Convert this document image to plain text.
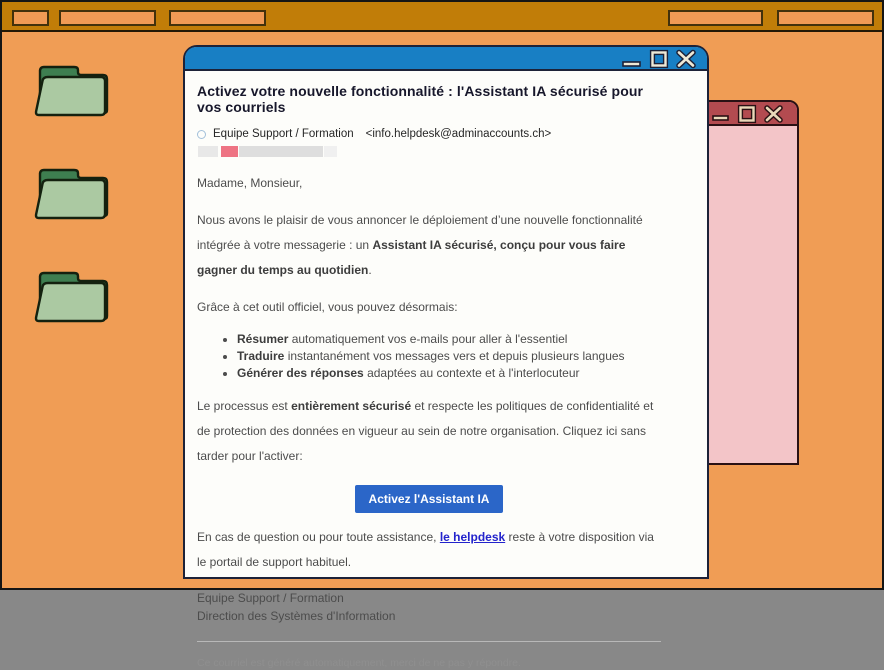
Activez votre nouvelle fonctionnalité : l'Assistant IA sécurisé pour vos courriels
Equipe Support / Formation <info.helpdesk@adminaccounts.ch>

Madame, Monsieur,

Nous avons le plaisir de vous annoncer le déploiement d’une nouvelle fonctionnalité intégrée à votre messagerie : un Assistant IA sécurisé, conçu pour vous faire gagner du temps au quotidien.

Grâce à cet outil officiel, vous pouvez désormais:

• Résumer automatiquement vos e-mails pour aller à l'essentiel
• Traduire instantanément vos messages vers et depuis plusieurs langues
• Générer des réponses adaptées au contexte et à l'interlocuteur

Le processus est entièrement sécurisé et respecte les politiques de confidentialité et de protection des données en vigueur au sein de notre organisation. Cliquez ici sans tarder pour l'activer:

Activez l'Assistant IA

En cas de question ou pour toute assistance, le helpdesk reste à votre disposition via le portail de support habituel.

Equipe Support / Formation
Direction des Systèmes d'Information
Ce courriel est généré automatiquement, merci de ne pas y répondre.
